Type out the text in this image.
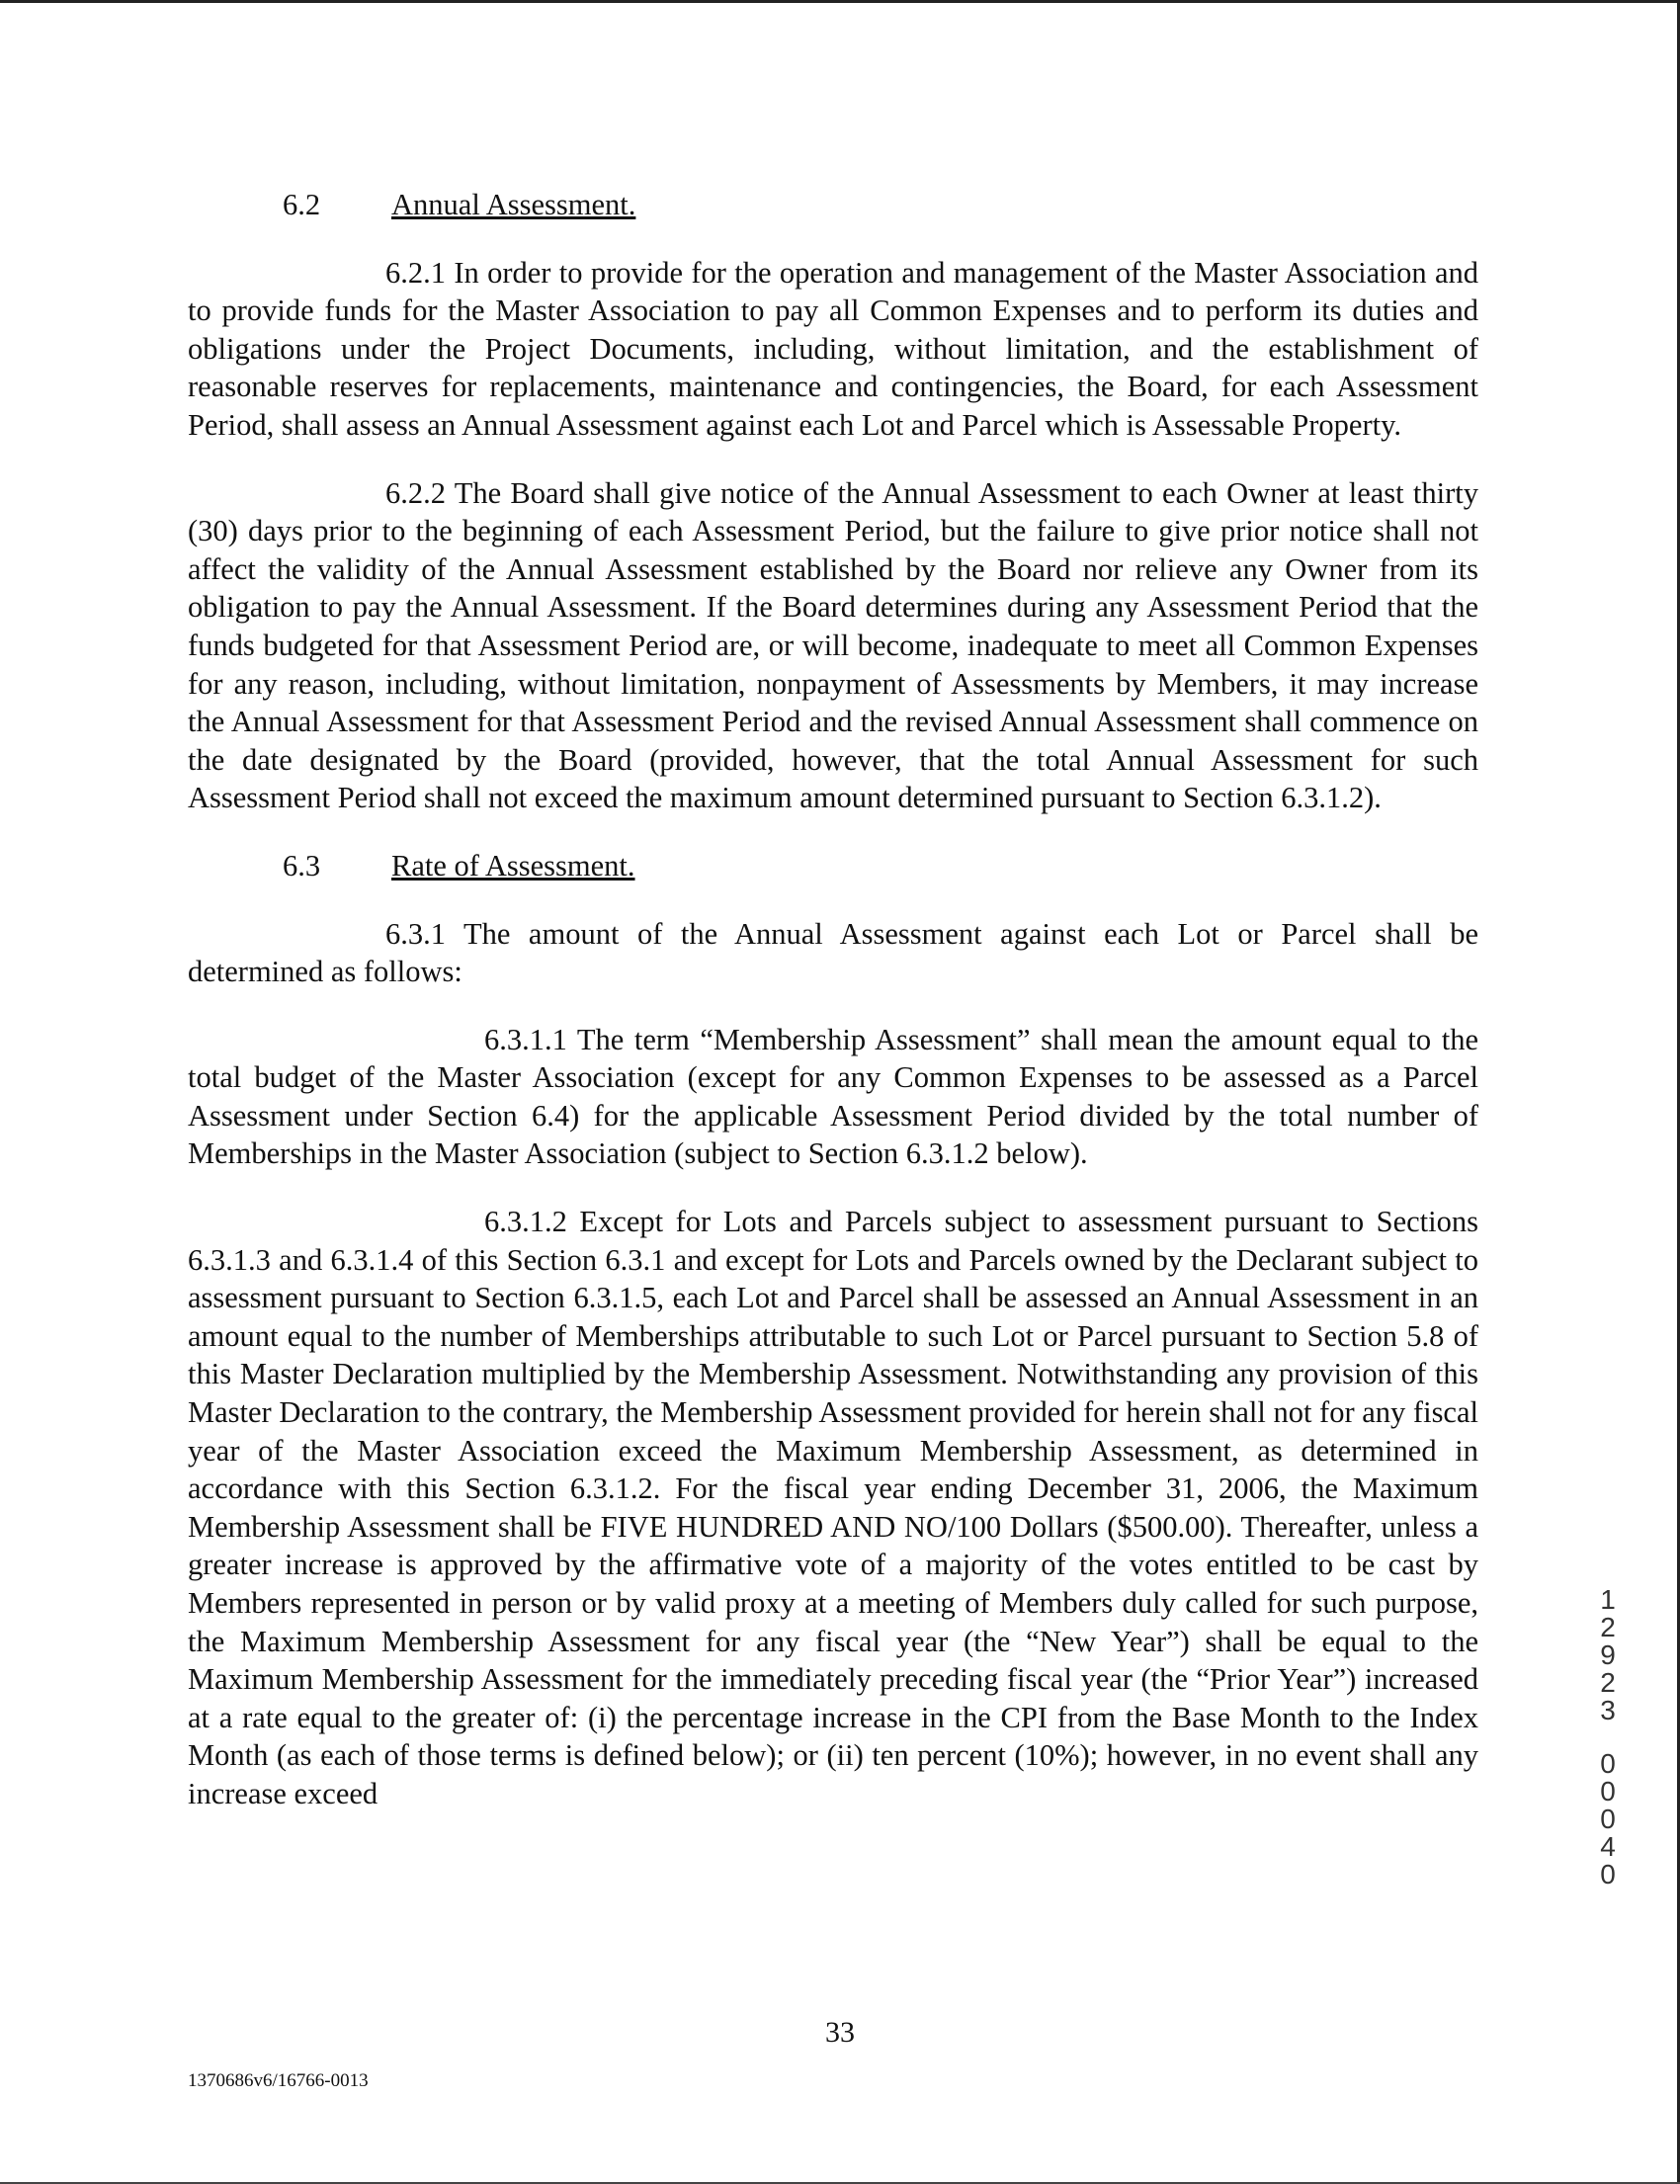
6.2 Annual Assessment.

6.2.1 In order to provide for the operation and management of the Master Association and to provide funds for the Master Association to pay all Common Expenses and to perform its duties and obligations under the Project Documents, including, without limitation, and the establishment of reasonable reserves for replacements, maintenance and contingencies, the Board, for each Assessment Period, shall assess an Annual Assessment against each Lot and Parcel which is Assessable Property.

6.2.2 The Board shall give notice of the Annual Assessment to each Owner at least thirty (30) days prior to the beginning of each Assessment Period, but the failure to give prior notice shall not affect the validity of the Annual Assessment established by the Board nor relieve any Owner from its obligation to pay the Annual Assessment. If the Board determines during any Assessment Period that the funds budgeted for that Assessment Period are, or will become, inadequate to meet all Common Expenses for any reason, including, without limitation, nonpayment of Assessments by Members, it may increase the Annual Assessment for that Assessment Period and the revised Annual Assessment shall commence on the date designated by the Board (provided, however, that the total Annual Assessment for such Assessment Period shall not exceed the maximum amount determined pursuant to Section 6.3.1.2).

6.3 Rate of Assessment.

6.3.1 The amount of the Annual Assessment against each Lot or Parcel shall be determined as follows:

6.3.1.1 The term “Membership Assessment” shall mean the amount equal to the total budget of the Master Association (except for any Common Expenses to be assessed as a Parcel Assessment under Section 6.4) for the applicable Assessment Period divided by the total number of Memberships in the Master Association (subject to Section 6.3.1.2 below).

6.3.1.2 Except for Lots and Parcels subject to assessment pursuant to Sections 6.3.1.3 and 6.3.1.4 of this Section 6.3.1 and except for Lots and Parcels owned by the Declarant subject to assessment pursuant to Section 6.3.1.5, each Lot and Parcel shall be assessed an Annual Assessment in an amount equal to the number of Memberships attributable to such Lot or Parcel pursuant to Section 5.8 of this Master Declaration multiplied by the Membership Assessment. Notwithstanding any provision of this Master Declaration to the contrary, the Membership Assessment provided for herein shall not for any fiscal year of the Master Association exceed the Maximum Membership Assessment, as determined in accordance with this Section 6.3.1.2. For the fiscal year ending December 31, 2006, the Maximum Membership Assessment shall be FIVE HUNDRED AND NO/100 Dollars ($500.00). Thereafter, unless a greater increase is approved by the affirmative vote of a majority of the votes entitled to be cast by Members represented in person or by valid proxy at a meeting of Members duly called for such purpose, the Maximum Membership Assessment for any fiscal year (the “New Year”) shall be equal to the Maximum Membership Assessment for the immediately preceding fiscal year (the “Prior Year”) increased at a rate equal to the greater of: (i) the percentage increase in the CPI from the Base Month to the Index Month (as each of those terms is defined below); or (ii) ten percent (10%); however, in no event shall any increase exceed

1
2
9
2
3
0
0
0
4
0
33
1370686v6/16766-0013
